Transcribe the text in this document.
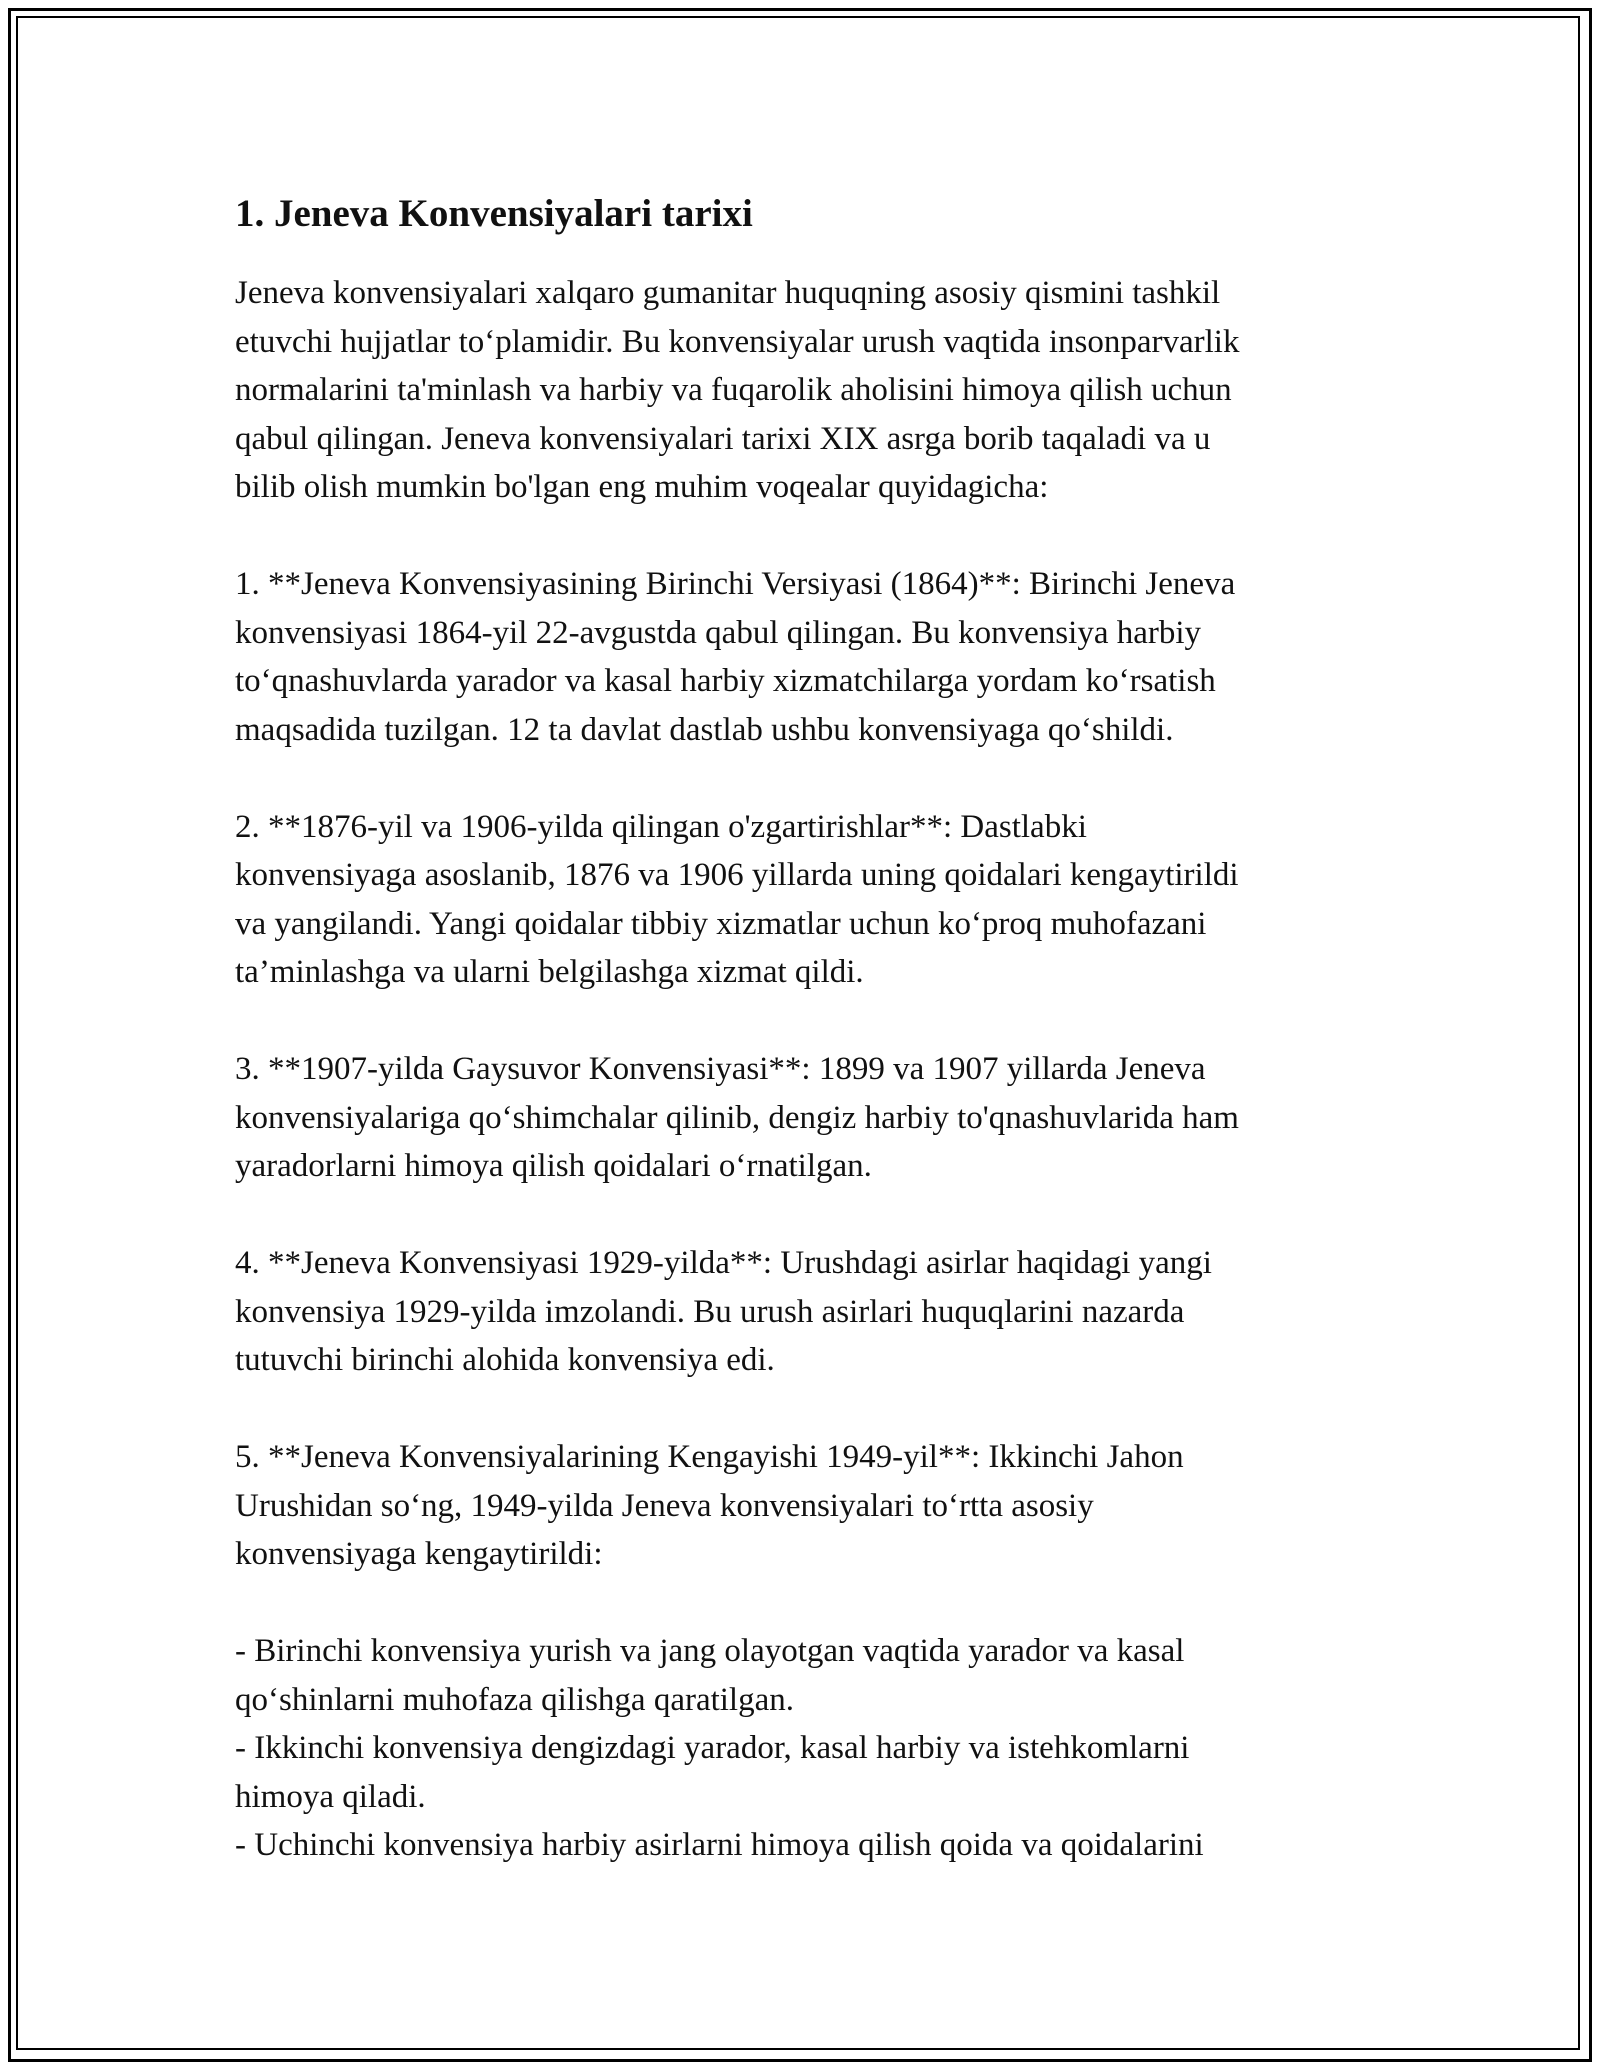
1. Jeneva Konvensiyalari tarixi

Jeneva konvensiyalari xalqaro gumanitar huquqning asosiy qismini tashkil
etuvchi hujjatlar to‘plamidir. Bu konvensiyalar urush vaqtida insonparvarlik
normalarini ta'minlash va harbiy va fuqarolik aholisini himoya qilish uchun
qabul qilingan. Jeneva konvensiyalari tarixi XIX asrga borib taqaladi va u
bilib olish mumkin bo'lgan eng muhim voqealar quyidagicha:

1. **Jeneva Konvensiyasining Birinchi Versiyasi (1864)**: Birinchi Jeneva
konvensiyasi 1864-yil 22-avgustda qabul qilingan. Bu konvensiya harbiy
to‘qnashuvlarda yarador va kasal harbiy xizmatchilarga yordam ko‘rsatish
maqsadida tuzilgan. 12 ta davlat dastlab ushbu konvensiyaga qo‘shildi.

2. **1876-yil va 1906-yilda qilingan o'zgartirishlar**: Dastlabki
konvensiyaga asoslanib, 1876 va 1906 yillarda uning qoidalari kengaytirildi
va yangilandi. Yangi qoidalar tibbiy xizmatlar uchun ko‘proq muhofazani
ta’minlashga va ularni belgilashga xizmat qildi.

3. **1907-yilda Gaysuvor Konvensiyasi**: 1899 va 1907 yillarda Jeneva
konvensiyalariga qo‘shimchalar qilinib, dengiz harbiy to'qnashuvlarida ham
yaradorlarni himoya qilish qoidalari o‘rnatilgan.

4. **Jeneva Konvensiyasi 1929-yilda**: Urushdagi asirlar haqidagi yangi
konvensiya 1929-yilda imzolandi. Bu urush asirlari huquqlarini nazarda
tutuvchi birinchi alohida konvensiya edi.

5. **Jeneva Konvensiyalarining Kengayishi 1949-yil**: Ikkinchi Jahon
Urushidan so‘ng, 1949-yilda Jeneva konvensiyalari to‘rtta asosiy
konvensiyaga kengaytirildi:

- Birinchi konvensiya yurish va jang olayotgan vaqtida yarador va kasal
qo‘shinlarni muhofaza qilishga qaratilgan.

- Ikkinchi konvensiya dengizdagi yarador, kasal harbiy va istehkomlarni
himoya qiladi.

- Uchinchi konvensiya harbiy asirlarni himoya qilish qoida va qoidalarini
